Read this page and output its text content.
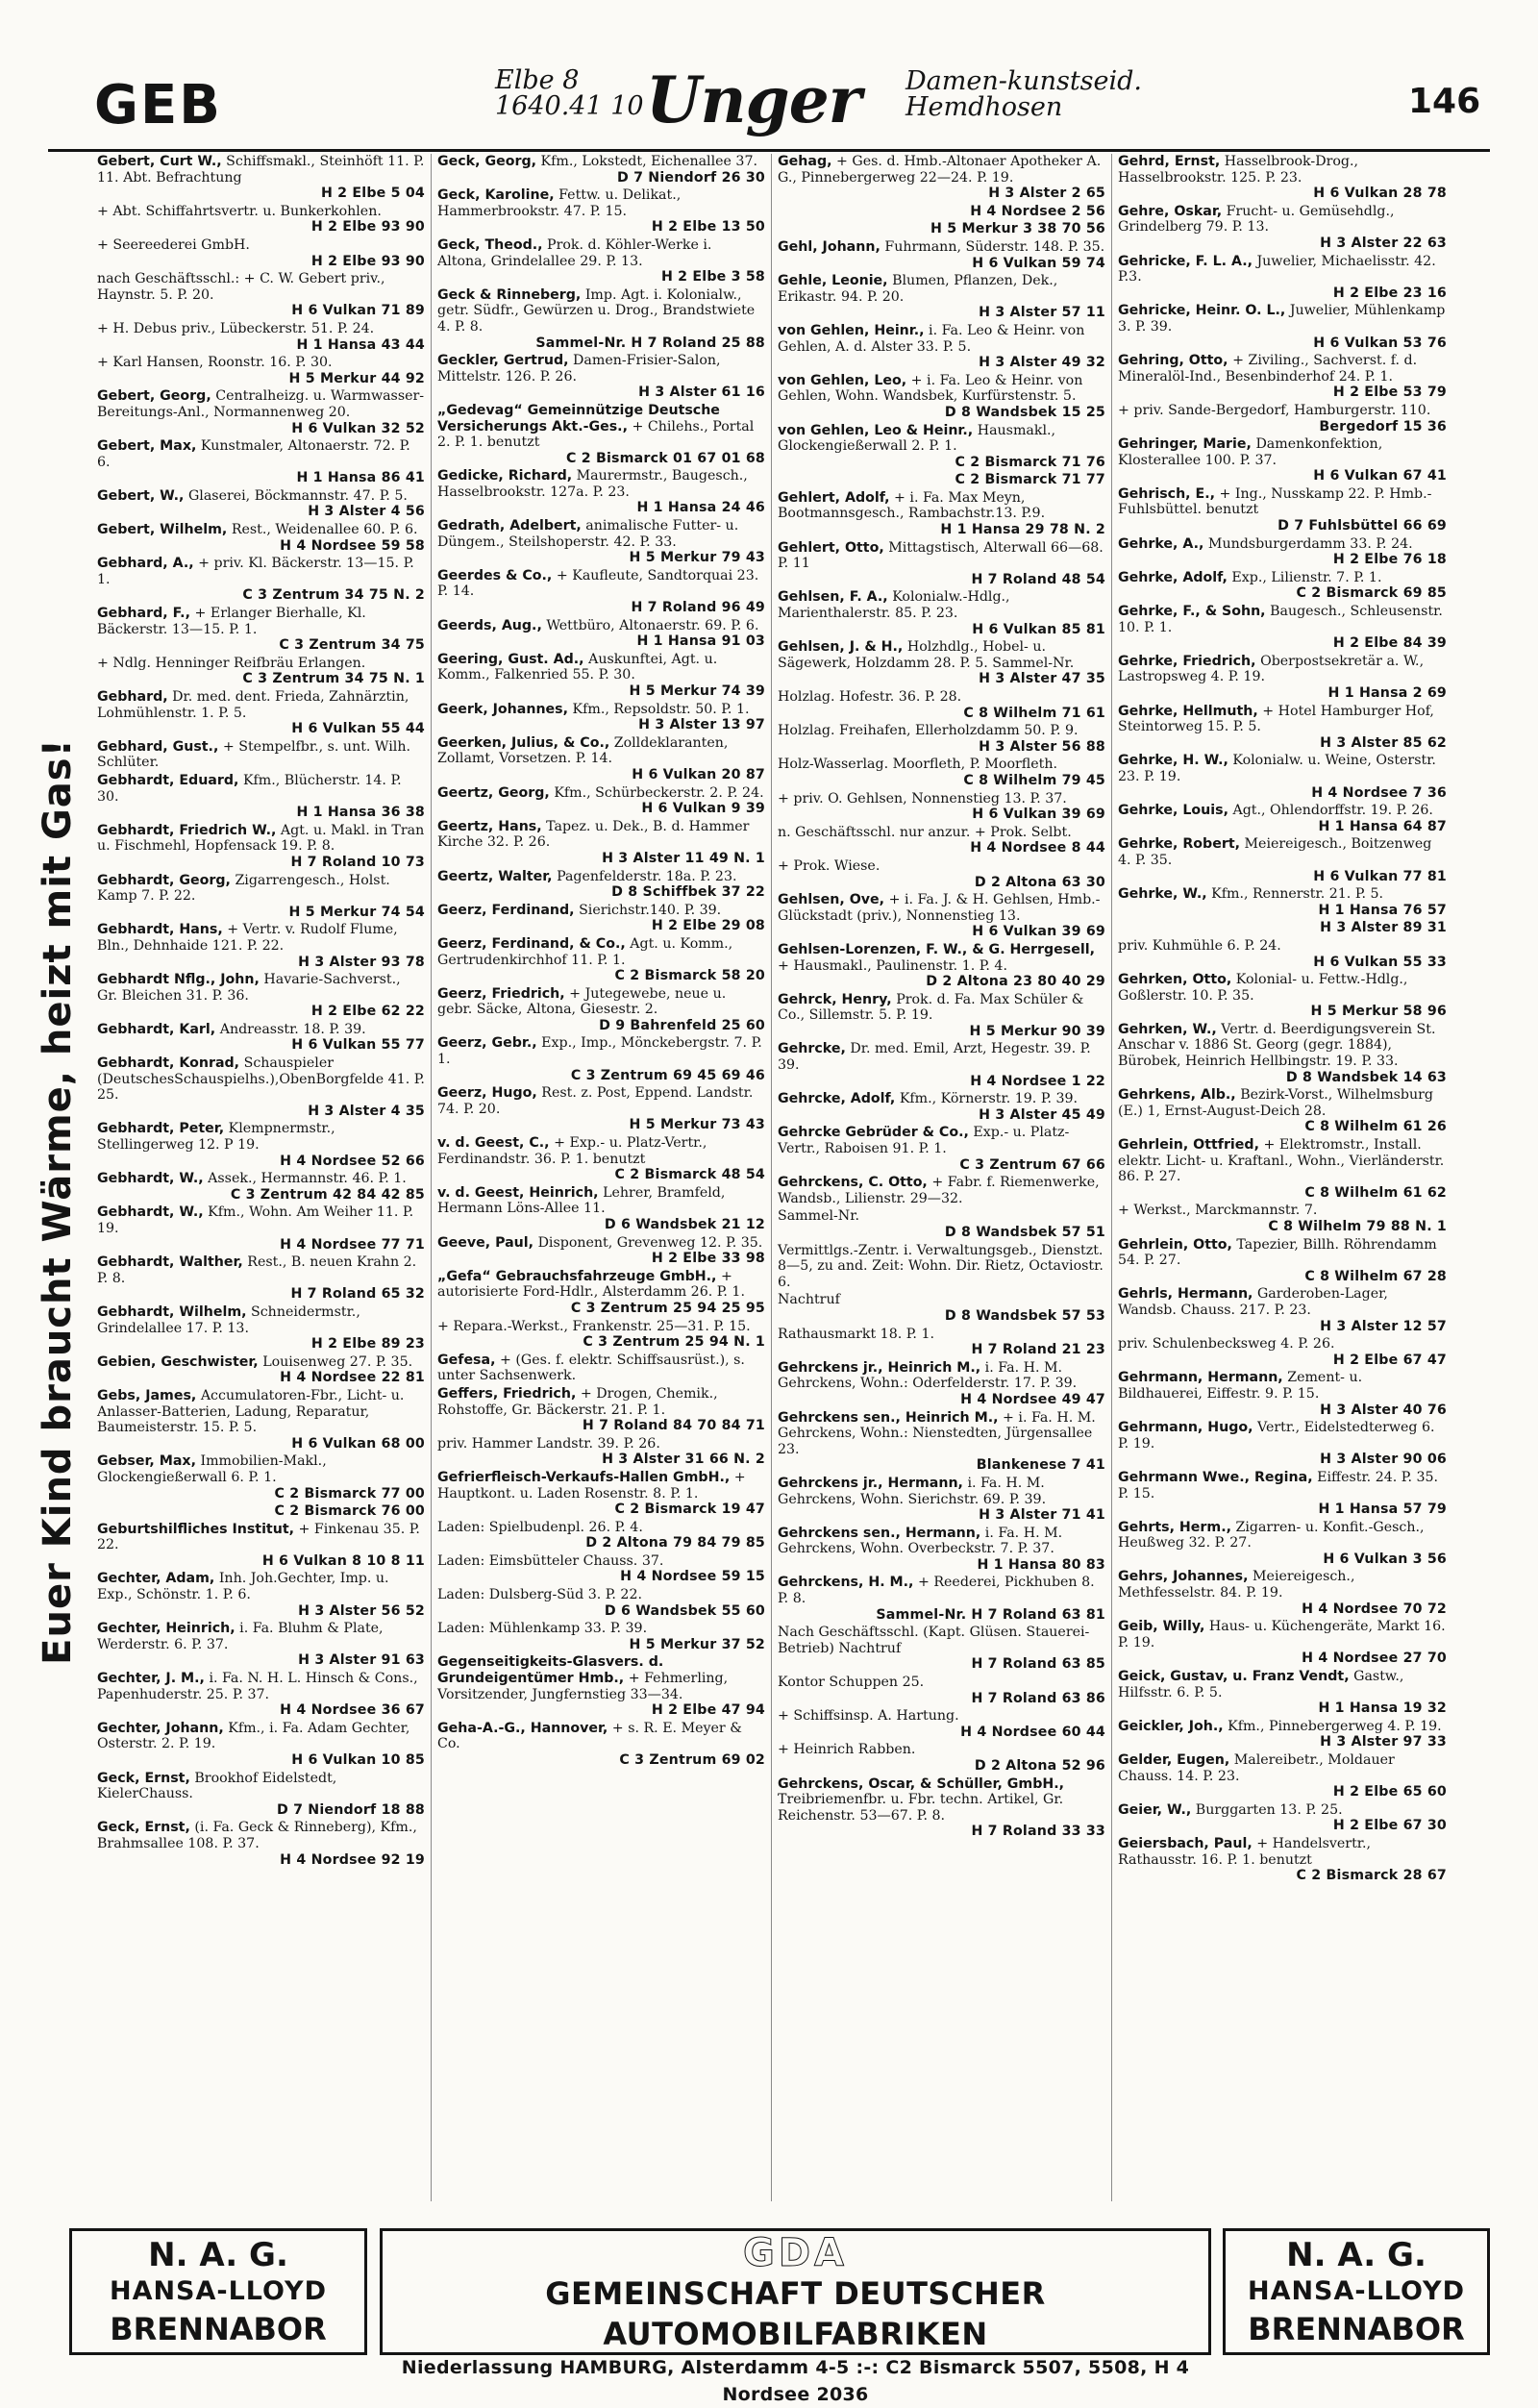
GEB	Elbe 8
1640.41 10 Unger Damen-kunstseid.
Hemdhosen	146
Euer Kind braucht Wärme, heizt mit Gas!
Gebert, Curt W., Schiffsmakl., Steinhöft 11. P. 11. Abt. Befrachtung
H 2 Elbe 5 04
+ Abt. Schiffahrtsvertr. u. Bunkerkohlen.
H 2 Elbe 93 90
+ Seereederei GmbH.
H 2 Elbe 93 90
nach Geschäftsschl.: + C. W. Gebert priv., Haynstr. 5. P. 20.
H 6 Vulkan 71 89
+ H. Debus priv., Lübeckerstr. 51. P. 24.
H 1 Hansa 43 44
+ Karl Hansen, Roonstr. 16. P. 30.
H 5 Merkur 44 92
Gebert, Georg, Centralheizg. u. Warmwasser-Bereitungs-Anl., Normannenweg 20.
H 6 Vulkan 32 52
Gebert, Max, Kunstmaler, Altonaerstr. 72. P. 6.
H 1 Hansa 86 41
Gebert, W., Glaserei, Böckmannstr. 47. P. 5.
H 3 Alster 4 56
Gebert, Wilhelm, Rest., Weidenallee 60. P. 6.
H 4 Nordsee 59 58
Gebhard, A., + priv. Kl. Bäckerstr. 13—15. P. 1.
C 3 Zentrum 34 75 N. 2
Gebhard, F., + Erlanger Bierhalle, Kl. Bäckerstr. 13—15. P. 1.
C 3 Zentrum 34 75
+ Ndlg. Henninger Reifbräu Erlangen.
C 3 Zentrum 34 75 N. 1
Gebhard, Dr. med. dent. Frieda, Zahnärztin, Lohmühlenstr. 1. P. 5.
H 6 Vulkan 55 44
Gebhard, Gust., + Stempelfbr., s. unt. Wilh. Schlüter.
Gebhardt, Eduard, Kfm., Blücherstr. 14. P. 30.
H 1 Hansa 36 38
Gebhardt, Friedrich W., Agt. u. Makl. in Tran u. Fischmehl, Hopfensack 19. P. 8.
H 7 Roland 10 73
Gebhardt, Georg, Zigarrengesch., Holst. Kamp 7. P. 22.
H 5 Merkur 74 54
Gebhardt, Hans, + Vertr. v. Rudolf Flume, Bln., Dehnhaide 121. P. 22.
H 3 Alster 93 78
Gebhardt Nflg., John, Havarie-Sachverst., Gr. Bleichen 31. P. 36.
H 2 Elbe 62 22
Gebhardt, Karl, Andreasstr. 18. P. 39.
H 6 Vulkan 55 77
Gebhardt, Konrad, Schauspieler (DeutschesSchauspielhs.),ObenBorgfelde 41. P. 25.
H 3 Alster 4 35
Gebhardt, Peter, Klempnermstr., Stellingerweg 12. P 19.
H 4 Nordsee 52 66
Gebhardt, W., Assek., Hermannstr. 46. P. 1.
C 3 Zentrum 42 84 42 85
Gebhardt, W., Kfm., Wohn. Am Weiher 11. P. 19.
H 4 Nordsee 77 71
Gebhardt, Walther, Rest., B. neuen Krahn 2. P. 8.
H 7 Roland 65 32
Gebhardt, Wilhelm, Schneidermstr., Grindelallee 17. P. 13.
H 2 Elbe 89 23
Gebien, Geschwister, Louisenweg 27. P. 35.
H 4 Nordsee 22 81
Gebs, James, Accumulatoren-Fbr., Licht- u. Anlasser-Batterien, Ladung, Reparatur, Baumeisterstr. 15. P. 5.
H 6 Vulkan 68 00
Gebser, Max, Immobilien-Makl., Glockengießerwall 6. P. 1.
C 2 Bismarck 77 00
C 2 Bismarck 76 00
Geburtshilfliches Institut, + Finkenau 35. P. 22.
H 6 Vulkan 8 10 8 11
Gechter, Adam, Inh. Joh.Gechter, Imp. u. Exp., Schönstr. 1. P. 6.
H 3 Alster 56 52
Gechter, Heinrich, i. Fa. Bluhm & Plate, Werderstr. 6. P. 37.
H 3 Alster 91 63
Gechter, J. M., i. Fa. N. H. L. Hinsch & Cons., Papenhuderstr. 25. P. 37.
H 4 Nordsee 36 67
Gechter, Johann, Kfm., i. Fa. Adam Gechter, Osterstr. 2. P. 19.
H 6 Vulkan 10 85
Geck, Ernst, Brookhof Eidelstedt, KielerChauss.
D 7 Niendorf 18 88
Geck, Ernst, (i. Fa. Geck & Rinneberg), Kfm., Brahmsallee 108. P. 37.
H 4 Nordsee 92 19
Geck, Georg, Kfm., Lokstedt, Eichenallee 37.
D 7 Niendorf 26 30
Geck, Karoline, Fettw. u. Delikat., Hammerbrookstr. 47. P. 15.
H 2 Elbe 13 50
Geck, Theod., Prok. d. Köhler-Werke i. Altona, Grindelallee 29. P. 13.
H 2 Elbe 3 58
Geck & Rinneberg, Imp. Agt. i. Kolonialw., getr. Südfr., Gewürzen u. Drog., Brandstwiete 4. P. 8.
Sammel-Nr. H 7 Roland 25 88
Geckler, Gertrud, Damen-Frisier-Salon, Mittelstr. 126. P. 26.
H 3 Alster 61 16
„Gedevag“ Gemeinnützige Deutsche Versicherungs Akt.-Ges., + Chilehs., Portal 2. P. 1. benutzt
C 2 Bismarck 01 67 01 68
Gedicke, Richard, Maurermstr., Baugesch., Hasselbrookstr. 127a. P. 23.
H 1 Hansa 24 46
Gedrath, Adelbert, animalische Futter- u. Düngem., Steilshoperstr. 42. P. 33.
H 5 Merkur 79 43
Geerdes & Co., + Kaufleute, Sandtorquai 23. P. 14.
H 7 Roland 96 49
Geerds, Aug., Wettbüro, Altonaerstr. 69. P. 6.
H 1 Hansa 91 03
Geering, Gust. Ad., Auskunftei, Agt. u. Komm., Falkenried 55. P. 30.
H 5 Merkur 74 39
Geerk, Johannes, Kfm., Repsoldstr. 50. P. 1.
H 3 Alster 13 97
Geerken, Julius, & Co., Zolldeklaranten, Zollamt, Vorsetzen. P. 14.
H 6 Vulkan 20 87
Geertz, Georg, Kfm., Schürbeckerstr. 2. P. 24.
H 6 Vulkan 9 39
Geertz, Hans, Tapez. u. Dek., B. d. Hammer Kirche 32. P. 26.
H 3 Alster 11 49 N. 1
Geertz, Walter, Pagenfelderstr. 18a. P. 23.
D 8 Schiffbek 37 22
Geerz, Ferdinand, Sierichstr.140. P. 39.
H 2 Elbe 29 08
Geerz, Ferdinand, & Co., Agt. u. Komm., Gertrudenkirchhof 11. P. 1.
C 2 Bismarck 58 20
Geerz, Friedrich, + Jutegewebe, neue u. gebr. Säcke, Altona, Giesestr. 2.
D 9 Bahrenfeld 25 60
Geerz, Gebr., Exp., Imp., Mönckebergstr. 7. P. 1.
C 3 Zentrum 69 45 69 46
Geerz, Hugo, Rest. z. Post, Eppend. Landstr. 74. P. 20.
H 5 Merkur 73 43
v. d. Geest, C., + Exp.- u. Platz-Vertr., Ferdinandstr. 36. P. 1. benutzt
C 2 Bismarck 48 54
v. d. Geest, Heinrich, Lehrer, Bramfeld, Hermann Löns-Allee 11.
D 6 Wandsbek 21 12
Geeve, Paul, Disponent, Grevenweg 12. P. 35.
H 2 Elbe 33 98
„Gefa“ Gebrauchsfahrzeuge GmbH., + autorisierte Ford-Hdlr., Alsterdamm 26. P. 1.
C 3 Zentrum 25 94 25 95
+ Repara.-Werkst., Frankenstr. 25—31. P. 15.
C 3 Zentrum 25 94 N. 1
Gefesa, + (Ges. f. elektr. Schiffsausrüst.), s. unter Sachsenwerk.
Geffers, Friedrich, + Drogen, Chemik., Rohstoffe, Gr. Bäckerstr. 21. P. 1.
H 7 Roland 84 70 84 71
priv. Hammer Landstr. 39. P. 26.
H 3 Alster 31 66 N. 2
Gefrierfleisch-Verkaufs-Hallen GmbH., + Hauptkont. u. Laden Rosenstr. 8. P. 1.
C 2 Bismarck 19 47
Laden: Spielbudenpl. 26. P. 4.
D 2 Altona 79 84 79 85
Laden: Eimsbütteler Chauss. 37.
H 4 Nordsee 59 15
Laden: Dulsberg-Süd 3. P. 22.
D 6 Wandsbek 55 60
Laden: Mühlenkamp 33. P. 39.
H 5 Merkur 37 52
Gegenseitigkeits-Glasvers. d. Grundeigentümer Hmb., + Fehmerling, Vorsitzender, Jungfernstieg 33—34.
H 2 Elbe 47 94
Geha-A.-G., Hannover, + s. R. E. Meyer & Co.
C 3 Zentrum 69 02
Gehag, + Ges. d. Hmb.-Altonaer Apotheker A. G., Pinnebergerweg 22—24. P. 19.
H 3 Alster 2 65
H 4 Nordsee 2 56
H 5 Merkur 3 38 70 56
Gehl, Johann, Fuhrmann, Süderstr. 148. P. 35.
H 6 Vulkan 59 74
Gehle, Leonie, Blumen, Pflanzen, Dek., Erikastr. 94. P. 20.
H 3 Alster 57 11
von Gehlen, Heinr., i. Fa. Leo & Heinr. von Gehlen, A. d. Alster 33. P. 5.
H 3 Alster 49 32
von Gehlen, Leo, + i. Fa. Leo & Heinr. von Gehlen, Wohn. Wandsbek, Kurfürstenstr. 5.
D 8 Wandsbek 15 25
von Gehlen, Leo & Heinr., Hausmakl., Glockengießerwall 2. P. 1.
C 2 Bismarck 71 76
C 2 Bismarck 71 77
Gehlert, Adolf, + i. Fa. Max Meyn, Bootmannsgesch., Rambachstr.13. P.9.
H 1 Hansa 29 78 N. 2
Gehlert, Otto, Mittagstisch, Alterwall 66—68. P. 11
H 7 Roland 48 54
Gehlsen, F. A., Kolonialw.-Hdlg., Marienthalerstr. 85. P. 23.
H 6 Vulkan 85 81
Gehlsen, J. & H., Holzhdlg., Hobel- u. Sägewerk, Holzdamm 28. P. 5. Sammel-Nr.
H 3 Alster 47 35
Holzlag. Hofestr. 36. P. 28.
C 8 Wilhelm 71 61
Holzlag. Freihafen, Ellerholzdamm 50. P. 9.
H 3 Alster 56 88
Holz-Wasserlag. Moorfleth, P. Moorfleth.
C 8 Wilhelm 79 45
+ priv. O. Gehlsen, Nonnenstieg 13. P. 37.
H 6 Vulkan 39 69
n. Geschäftsschl. nur anzur. + Prok. Selbt.
H 4 Nordsee 8 44
+ Prok. Wiese.
D 2 Altona 63 30
Gehlsen, Ove, + i. Fa. J. & H. Gehlsen, Hmb.-Glückstadt (priv.), Nonnenstieg 13.
H 6 Vulkan 39 69
Gehlsen-Lorenzen, F. W., & G. Herrgesell, + Hausmakl., Paulinenstr. 1. P. 4.
D 2 Altona 23 80 40 29
Gehrck, Henry, Prok. d. Fa. Max Schüler & Co., Sillemstr. 5. P. 19.
H 5 Merkur 90 39
Gehrcke, Dr. med. Emil, Arzt, Hegestr. 39. P. 39.
H 4 Nordsee 1 22
Gehrcke, Adolf, Kfm., Körnerstr. 19. P. 39.
H 3 Alster 45 49
Gehrcke Gebrüder & Co., Exp.- u. Platz-Vertr., Raboisen 91. P. 1.
C 3 Zentrum 67 66
Gehrckens, C. Otto, + Fabr. f. Riemenwerke, Wandsb., Lilienstr. 29—32.
Sammel-Nr.
D 8 Wandsbek 57 51
Vermittlgs.-Zentr. i. Verwaltungsgeb., Dienstzt. 8—5, zu and. Zeit: Wohn. Dir. Rietz, Octaviostr. 6.
Nachtruf
D 8 Wandsbek 57 53
Rathausmarkt 18. P. 1.
H 7 Roland 21 23
Gehrckens jr., Heinrich M., i. Fa. H. M. Gehrckens, Wohn.: Oderfelderstr. 17. P. 39.
H 4 Nordsee 49 47
Gehrckens sen., Heinrich M., + i. Fa. H. M. Gehrckens, Wohn.: Nienstedten, Jürgensallee 23.
Blankenese 7 41
Gehrckens jr., Hermann, i. Fa. H. M. Gehrckens, Wohn. Sierichstr. 69. P. 39.
H 3 Alster 71 41
Gehrckens sen., Hermann, i. Fa. H. M. Gehrckens, Wohn. Overbeckstr. 7. P. 37.
H 1 Hansa 80 83
Gehrckens, H. M., + Reederei, Pickhuben 8. P. 8.
Sammel-Nr. H 7 Roland 63 81
Nach Geschäftsschl. (Kapt. Glüsen. Stauerei-Betrieb) Nachtruf
H 7 Roland 63 85
Kontor Schuppen 25.
H 7 Roland 63 86
+ Schiffsinsp. A. Hartung.
H 4 Nordsee 60 44
+ Heinrich Rabben.
D 2 Altona 52 96
Gehrckens, Oscar, & Schüller, GmbH., Treibriemenfbr. u. Fbr. techn. Artikel, Gr. Reichenstr. 53—67. P. 8.
H 7 Roland 33 33
Gehrd, Ernst, Hasselbrook-Drog., Hasselbrookstr. 125. P. 23.
H 6 Vulkan 28 78
Gehre, Oskar, Frucht- u. Gemüsehdlg., Grindelberg 79. P. 13.
H 3 Alster 22 63
Gehricke, F. L. A., Juwelier, Michaelisstr. 42. P.3.
H 2 Elbe 23 16
Gehricke, Heinr. O. L., Juwelier, Mühlenkamp 3. P. 39.
H 6 Vulkan 53 76
Gehring, Otto, + Ziviling., Sachverst. f. d. Mineralöl-Ind., Besenbinderhof 24. P. 1.
H 2 Elbe 53 79
+ priv. Sande-Bergedorf, Hamburgerstr. 110.
Bergedorf 15 36
Gehringer, Marie, Damenkonfektion, Klosterallee 100. P. 37.
H 6 Vulkan 67 41
Gehrisch, E., + Ing., Nusskamp 22. P. Hmb.-Fuhlsbüttel. benutzt
D 7 Fuhlsbüttel 66 69
Gehrke, A., Mundsburgerdamm 33. P. 24.
H 2 Elbe 76 18
Gehrke, Adolf, Exp., Lilienstr. 7. P. 1.
C 2 Bismarck 69 85
Gehrke, F., & Sohn, Baugesch., Schleusenstr. 10. P. 1.
H 2 Elbe 84 39
Gehrke, Friedrich, Oberpostsekretär a. W., Lastropsweg 4. P. 19.
H 1 Hansa 2 69
Gehrke, Hellmuth, + Hotel Hamburger Hof, Steintorweg 15. P. 5.
H 3 Alster 85 62
Gehrke, H. W., Kolonialw. u. Weine, Osterstr. 23. P. 19.
H 4 Nordsee 7 36
Gehrke, Louis, Agt., Ohlendorffstr. 19. P. 26.
H 1 Hansa 64 87
Gehrke, Robert, Meiereigesch., Boitzenweg 4. P. 35.
H 6 Vulkan 77 81
Gehrke, W., Kfm., Rennerstr. 21. P. 5.
H 1 Hansa 76 57
H 3 Alster 89 31
priv. Kuhmühle 6. P. 24.
H 6 Vulkan 55 33
Gehrken, Otto, Kolonial- u. Fettw.-Hdlg., Goßlerstr. 10. P. 35.
H 5 Merkur 58 96
Gehrken, W., Vertr. d. Beerdigungsverein St. Anschar v. 1886 St. Georg (gegr. 1884), Bürobek, Heinrich Hellbingstr. 19. P. 33.
D 8 Wandsbek 14 63
Gehrkens, Alb., Bezirk-Vorst., Wilhelmsburg (E.) 1, Ernst-August-Deich 28.
C 8 Wilhelm 61 26
Gehrlein, Ottfried, + Elektromstr., Install. elektr. Licht- u. Kraftanl., Wohn., Vierländerstr. 86. P. 27.
C 8 Wilhelm 61 62
+ Werkst., Marckmannstr. 7.
C 8 Wilhelm 79 88 N. 1
Gehrlein, Otto, Tapezier, Billh. Röhrendamm 54. P. 27.
C 8 Wilhelm 67 28
Gehrls, Hermann, Garderoben-Lager, Wandsb. Chauss. 217. P. 23.
H 3 Alster 12 57
priv. Schulenbecksweg 4. P. 26.
H 2 Elbe 67 47
Gehrmann, Hermann, Zement- u. Bildhauerei, Eiffestr. 9. P. 15.
H 3 Alster 40 76
Gehrmann, Hugo, Vertr., Eidelstedterweg 6. P. 19.
H 3 Alster 90 06
Gehrmann Wwe., Regina, Eiffestr. 24. P. 35. P. 15.
H 1 Hansa 57 79
Gehrts, Herm., Zigarren- u. Konfit.-Gesch., Heußweg 32. P. 27.
H 6 Vulkan 3 56
Gehrs, Johannes, Meiereigesch., Methfesselstr. 84. P. 19.
H 4 Nordsee 70 72
Geib, Willy, Haus- u. Küchengeräte, Markt 16. P. 19.
H 4 Nordsee 27 70
Geick, Gustav, u. Franz Vendt, Gastw., Hilfsstr. 6. P. 5.
H 1 Hansa 19 32
Geickler, Joh., Kfm., Pinnebergerweg 4. P. 19.
H 3 Alster 97 33
Gelder, Eugen, Malereibetr., Moldauer Chauss. 14. P. 23.
H 2 Elbe 65 60
Geier, W., Burggarten 13. P. 25.
H 2 Elbe 67 30
Geiersbach, Paul, + Handelsvertr., Rathausstr. 16. P. 1. benutzt
C 2 Bismarck 28 67
N. A. G.
HANSA-LLOYD
BRENNABOR
GDA
GEMEINSCHAFT DEUTSCHER AUTOMOBILFABRIKEN
Niederlassung HAMBURG, Alsterdamm 4-5 :-: C2 Bismarck 5507, 5508, H 4 Nordsee 2036
N. A. G.
HANSA-LLOYD
BRENNABOR
